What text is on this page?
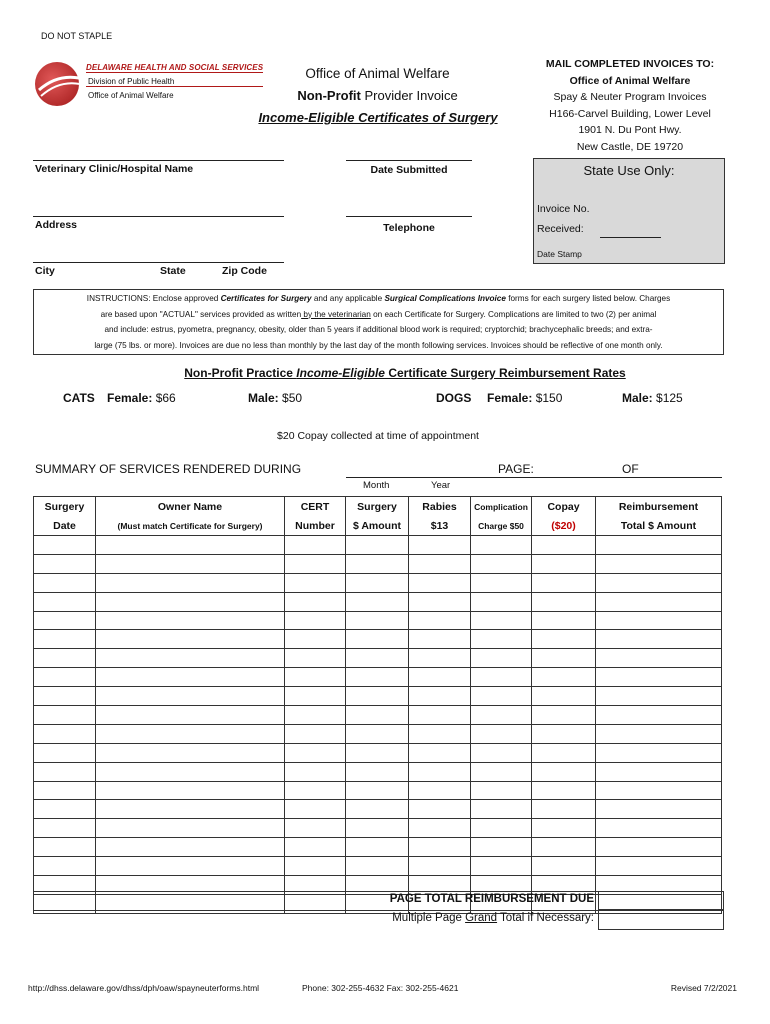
DO NOT STAPLE
DELAWARE HEALTH AND SOCIAL SERVICES
Division of Public Health
Office of Animal Welfare
Office of Animal Welfare
Non-Profit Provider Invoice
Income-Eligible Certificates of Surgery
MAIL COMPLETED INVOICES TO:
Office of Animal Welfare
Spay & Neuter Program Invoices
H166-Carvel Building, Lower Level
1901 N. Du Pont Hwy.
New Castle, DE 19720
Veterinary Clinic/Hospital Name	Date Submitted
Address	Telephone
City	State	Zip Code
State Use Only:
Invoice No.
Received:
Date Stamp
INSTRUCTIONS: Enclose approved Certificates for Surgery and any applicable Surgical Complications Invoice forms for each surgery listed below. Charges
are based upon "ACTUAL" services provided as written by the veterinarian on each Certificate for Surgery. Complications are limited to two (2) per animal
and include: estrus, pyometra, pregnancy, obesity, older than 5 years if additional blood work is required; cryptorchid; brachycephalic breeds; and extra-
large (75 lbs. or more). Invoices are due no less than monthly by the last day of the month following services. Invoices should be reflective of one month only.
Non-Profit Practice Income-Eligible Certificate Surgery Reimbursement Rates
CATS Female: $66	Male: $50	DOGS Female: $150	Male: $125
$20 Copay collected at time of appointment
SUMMARY OF SERVICES RENDERED DURING
Month	Year
PAGE:	OF
Surgery	Owner Name	CERT	Surgery	Rabies	Complication	Copay	Reimbursement
Date	(Must match Certificate for Surgery)	Number	$ Amount	$13	Charge $50	($20)	Total $ Amount

PAGE TOTAL REIMBURSEMENT DUE
Multiple Page Grand Total if Necessary:
http://dhss.delaware.gov/dhss/dph/oaw/spayneuterforms.html	Phone: 302-255-4632 Fax: 302-255-4621	Revised 7/2/2021
